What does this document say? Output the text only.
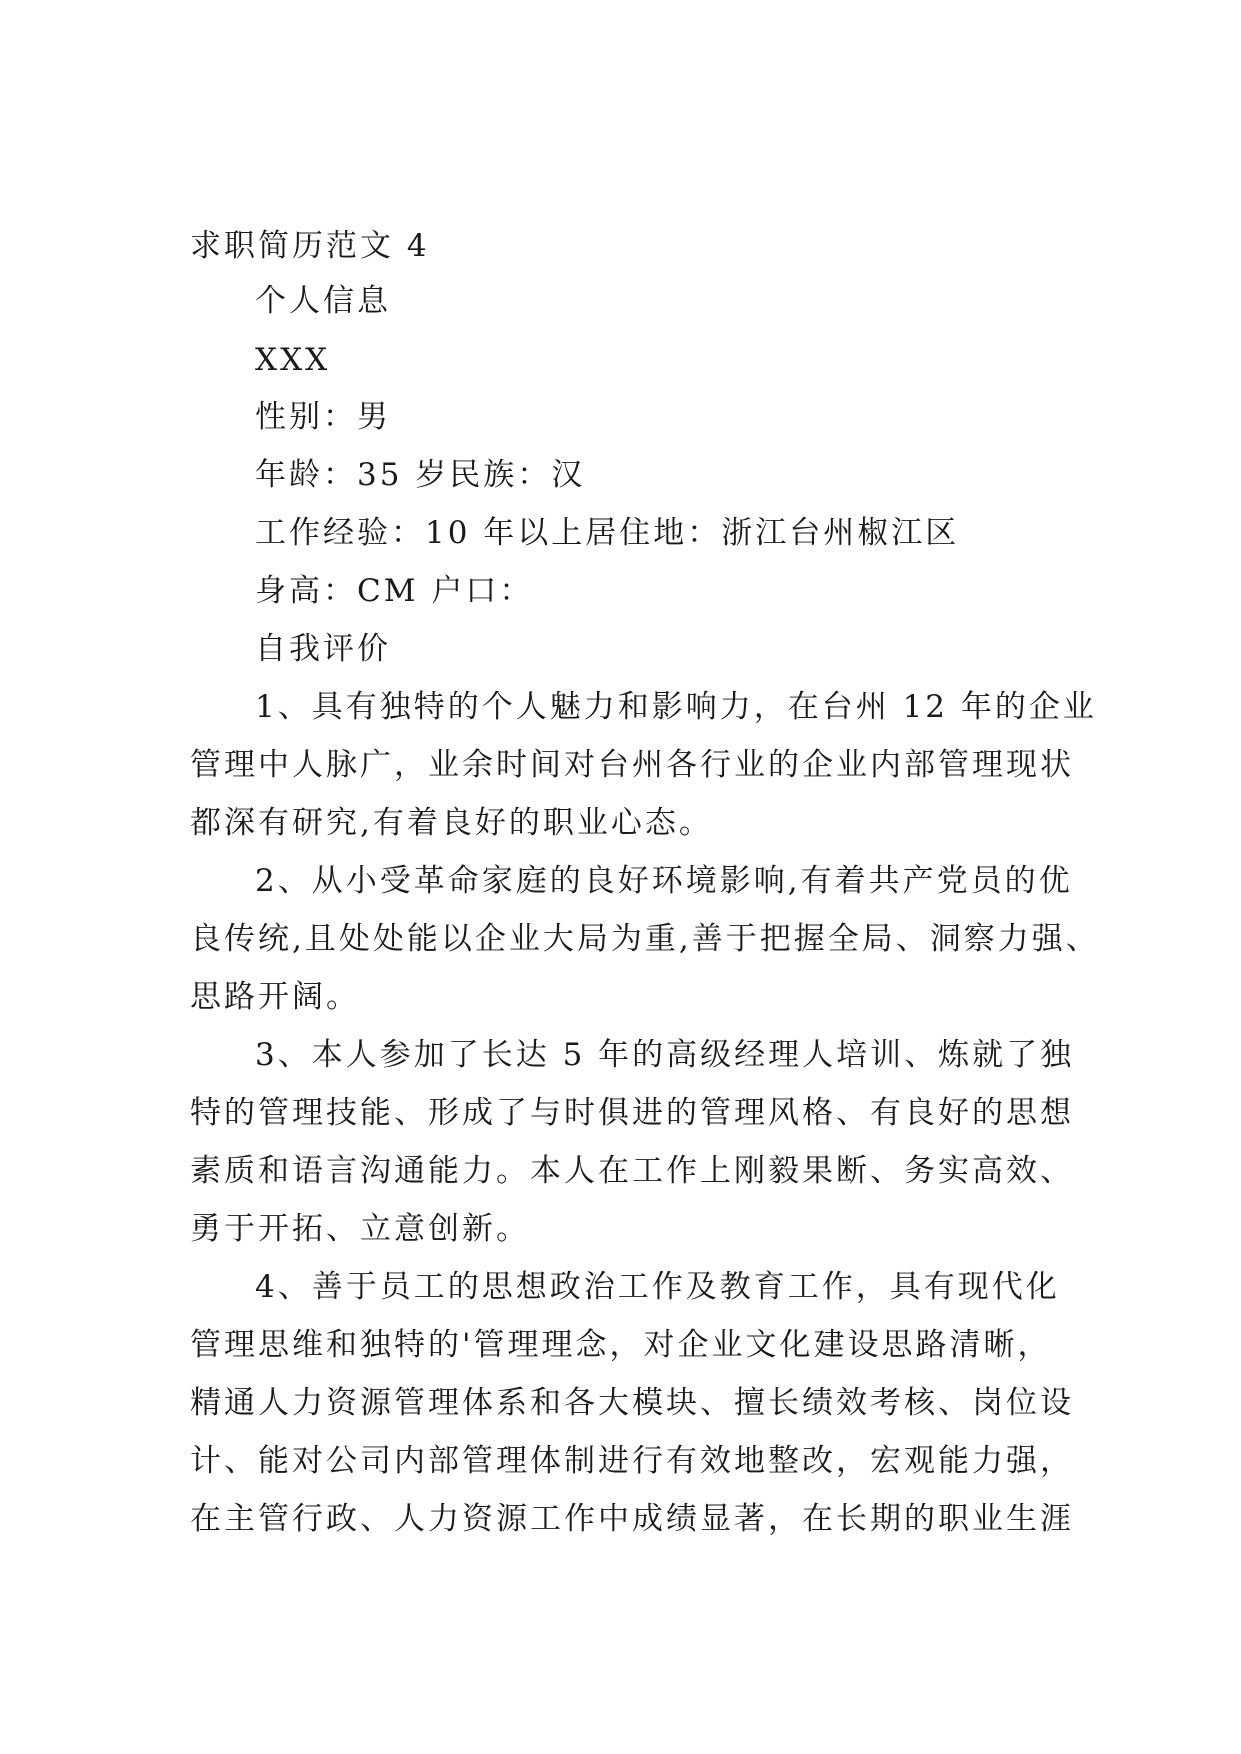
求职简历范文 4
个人信息
XXX
性别：男
年龄：35 岁民族：汉
工作经验：10 年以上居住地：浙江台州椒江区
身高：CM 户口：
自我评价
1、具有独特的个人魅力和影响力，在台州 12 年的企业
管理中人脉广，业余时间对台州各行业的企业内部管理现状
都深有研究,有着良好的职业心态。
2、从小受革命家庭的良好环境影响,有着共产党员的优
良传统,且处处能以企业大局为重,善于把握全局、洞察力强、
思路开阔。
3、本人参加了长达 5 年的高级经理人培训、炼就了独
特的管理技能、形成了与时俱进的管理风格、有良好的思想
素质和语言沟通能力。本人在工作上刚毅果断、务实高效、
勇于开拓、立意创新。
4、善于员工的思想政治工作及教育工作，具有现代化
管理思维和独特的'管理理念，对企业文化建设思路清晰，
精通人力资源管理体系和各大模块、擅长绩效考核、岗位设
计、能对公司内部管理体制进行有效地整改，宏观能力强，
在主管行政、人力资源工作中成绩显著，在长期的职业生涯
